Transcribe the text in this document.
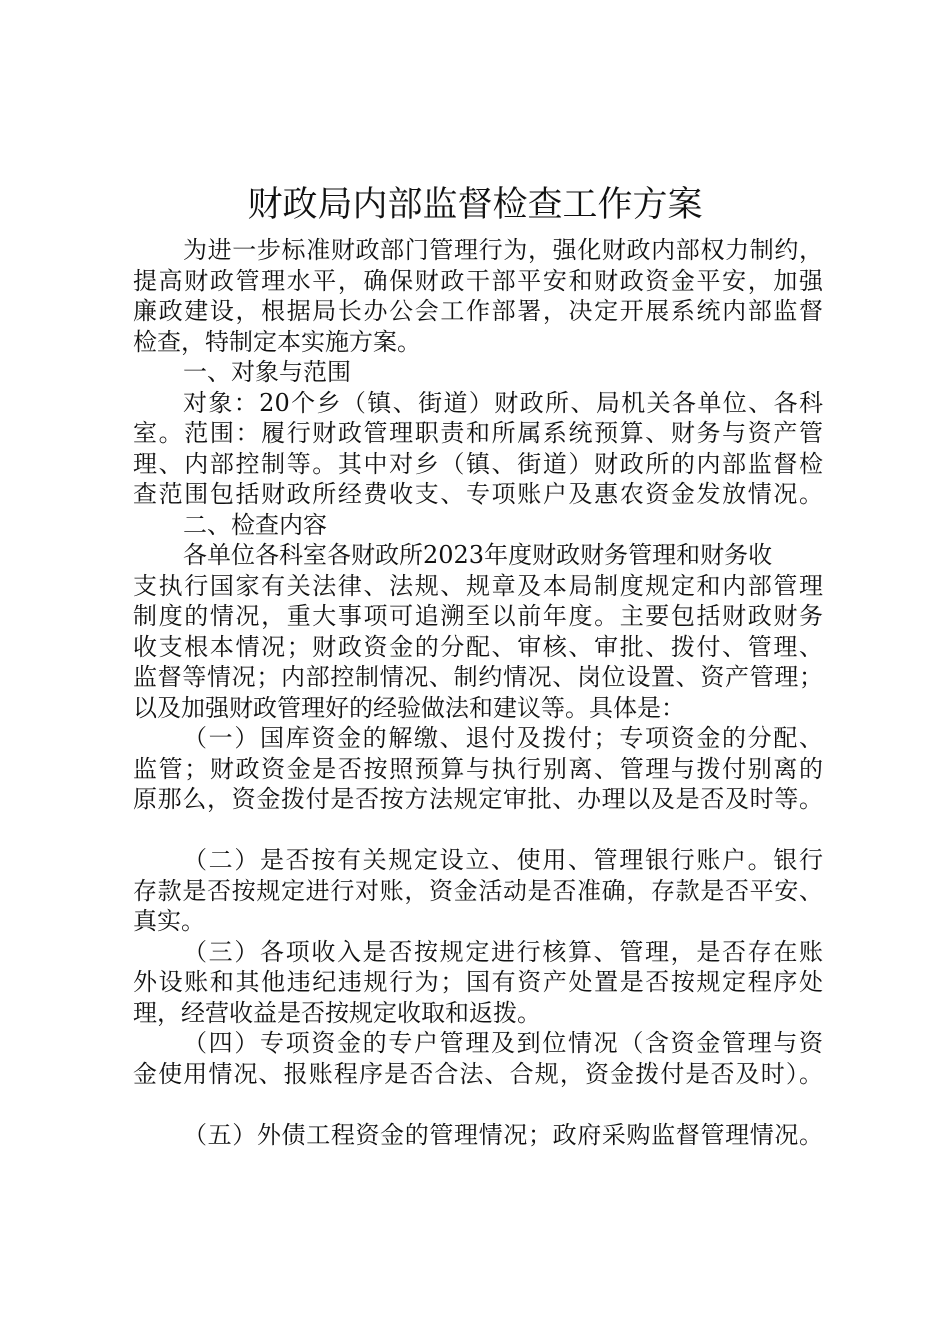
财政局内部监督检查工作方案
为进一步标准财政部门管理行为，强化财政内部权力制约，
提高财政管理水平，确保财政干部平安和财政资金平安，加强
廉政建设，根据局长办公会工作部署，决定开展系统内部监督
检查，特制定本实施方案。
一、对象与范围
对象：20个乡（镇、街道）财政所、局机关各单位、各科
室。范围：履行财政管理职责和所属系统预算、财务与资产管
理、内部控制等。其中对乡（镇、街道）财政所的内部监督检
查范围包括财政所经费收支、专项账户及惠农资金发放情况。
二、检查内容
各单位各科室各财政所2023年度财政财务管理和财务收
支执行国家有关法律、法规、规章及本局制度规定和内部管理
制度的情况，重大事项可追溯至以前年度。主要包括财政财务
收支根本情况；财政资金的分配、审核、审批、拨付、管理、
监督等情况；内部控制情况、制约情况、岗位设置、资产管理；
以及加强财政管理好的经验做法和建议等。具体是：
（一）国库资金的解缴、退付及拨付；专项资金的分配、
监管；财政资金是否按照预算与执行别离、管理与拨付别离的
原那么，资金拨付是否按方法规定审批、办理以及是否及时等。
（二）是否按有关规定设立、使用、管理银行账户。银行
存款是否按规定进行对账，资金活动是否准确，存款是否平安、
真实。
（三）各项收入是否按规定进行核算、管理，是否存在账
外设账和其他违纪违规行为；国有资产处置是否按规定程序处
理，经营收益是否按规定收取和返拨。
（四）专项资金的专户管理及到位情况（含资金管理与资
金使用情况、报账程序是否合法、合规，资金拨付是否及时）。
（五）外债工程资金的管理情况；政府采购监督管理情况。
